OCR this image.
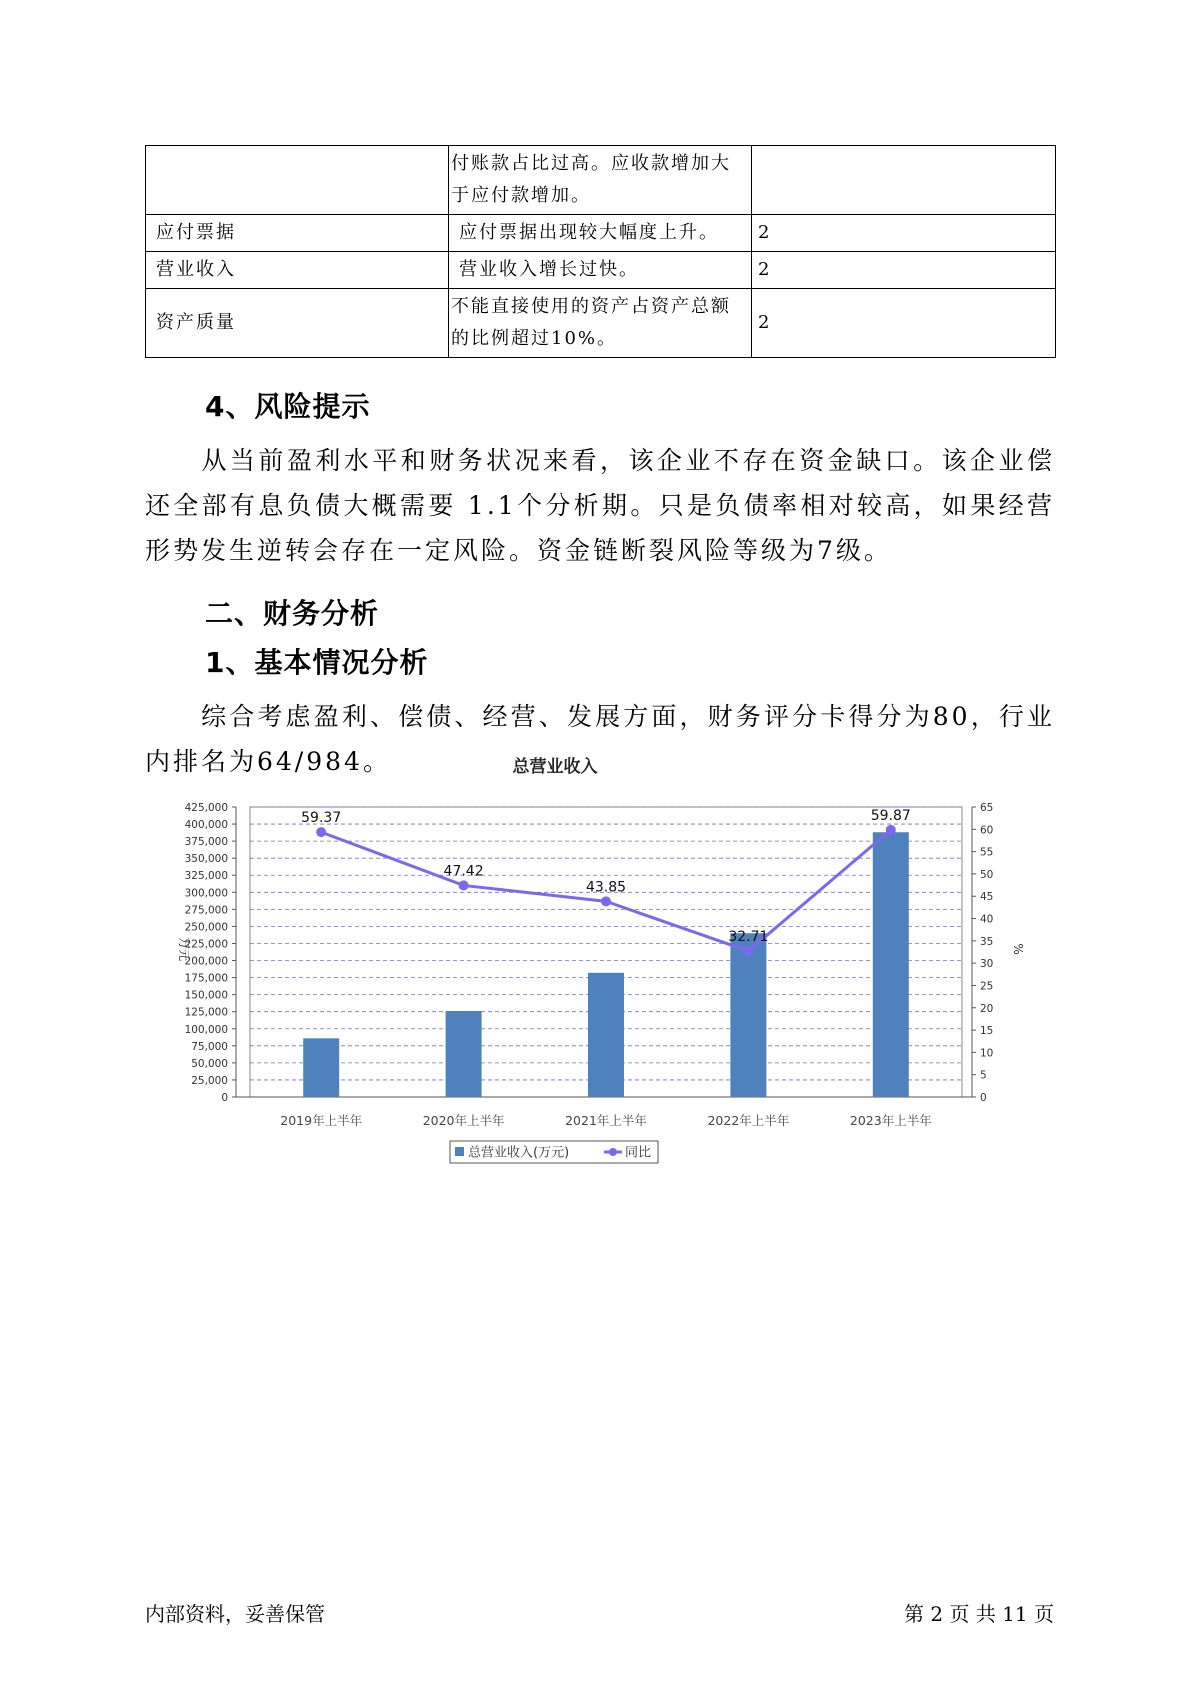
	付账款占比过高。应收款增加大于应付款增加。	
应付票据	应付票据出现较大幅度上升。	2
营业收入	营业收入增长过快。	2
资产质量	不能直接使用的资产占资产总额的比例超过10%。	2
4、风险提示

从当前盈利水平和财务状况来看，该企业不存在资金缺口。该企业偿还全部有息负债大概需要 1.1个分析期。只是负债率相对较高，如果经营形势发生逆转会存在一定风险。资金链断裂风险等级为7级。

二、财务分析
1、基本情况分析

综合考虑盈利、偿债、经营、发展方面，财务评分卡得分为80，行业内排名为64/984。	总营业收入
0
25,000
50,000
75,000
100,000
125,000
150,000
175,000
200,000
225,000
250,000
275,000
300,000
325,000
350,000
375,000
400,000
425,000
0
5
10
15
20
25
30
35
40
45
50
55
60
65
万元	%
2019年上半年	2020年上半年	2021年上半年	2022年上半年	2023年上半年
59.37
47.42
43.85
32.71
59.87
总营业收入(万元)	同比
内部资料，妥善保管	第 2 页 共 11 页
